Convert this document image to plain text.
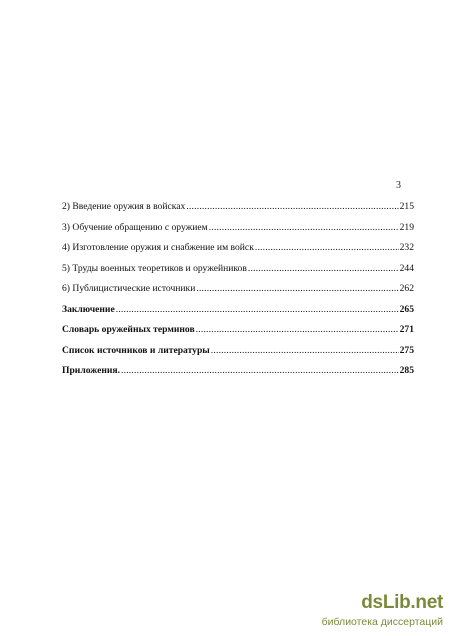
3
2) Введение оружия в войсках .....	215
3) Обучение обращению с оружием .....	219
4) Изготовление оружия и снабжение им войск .....	232
5) Труды военных теоретиков и оружейников .....	244
6) Публицистические источники .....	262
Заключение .....	265
Словарь оружейных терминов .....	271
Список источников и литературы .....	275
Приложения. .....	285
dsLib.net
библиотека диссертаций
